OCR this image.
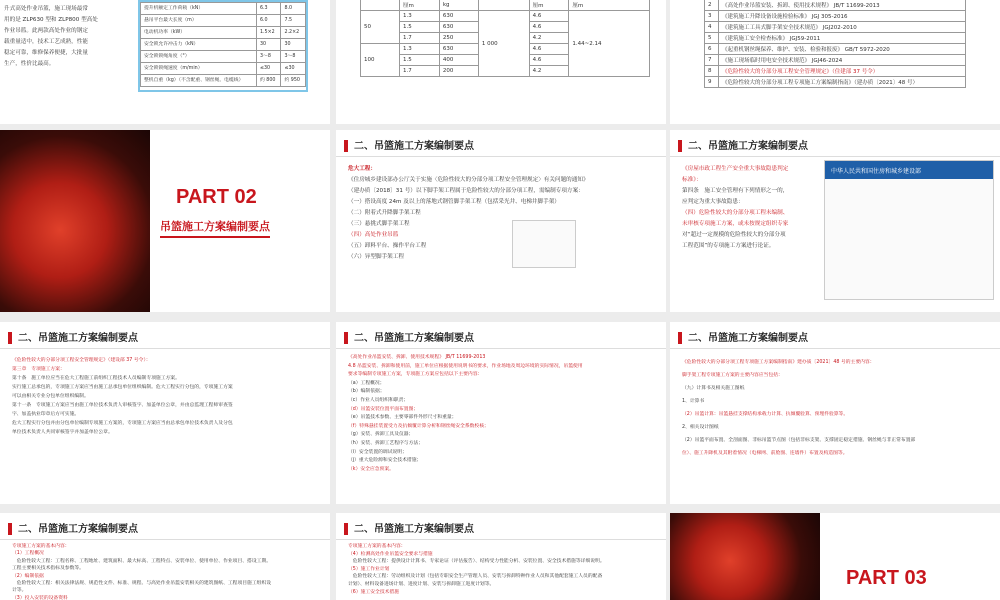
升式高处作业吊篮，施工现场最常
用的是 ZLP630 型和 ZLP800 型高处
作业吊篮。此两款高处作业的钢定
载重量适中，技术工艺成熟，性能
稳定可靠，维修保养便捷，大批量
生产，性价比最高。
提升机额定工作荷载（kN）	6.3	8.0
悬吊平台最大长度（m）	6.0	7.5
电动机功率（kW）	1.5×2	2.2×2
安全锁允许冲击力（kN）	30	30
安全锁锁绳角度（°）	3～8	3～8
安全锁锁绳速度（m/min）	≤30	≤30
整机自重（kg）（不含配重、钢丝绳、电缆线）	约 800	约 950
	厘m	kg		厘m	厘m
50	1.3	630	1 000	4.6	1.44~2.14
	1.5	630		4.6	
	1.7	250		4.2	
100	1.3	630		4.6	
	1.5	400		4.6	
	1.7	200		4.2	
2	《高处作业吊篮安装、拆卸、使用技术规程》 JB/T 11699-2013
3	《建筑施工升降设备设施检验标准》 JGJ 305-2016
4	《建筑施工工具式脚手架安全技术规范》 JGJ202-2010
5	《建筑施工安全检查标准》 JGJ59-2011
6	《起重机钢丝绳保养、维护、安装、检验和报废》 GB/T 5972-2020
7	《施工现场临时用电安全技术规范》 JGJ46-2024
8	《危险性较大的分部分项工程安全管理规定》（住建部 37 号令）
9	《危险性较大的分部分项工程专项施工方案编制指南》（建办质〔2021〕48 号）
PART 02
吊篮施工方案编制要点
二、吊篮施工方案编制要点
危大工程：
《住房城乡建设部办公厅关于实施〈危险性较大的分部分项工程安全管理规定〉有关问题的通知》
（建办质〔2018〕31 号）以下脚手架工程属于危险性较大的分部分项工程，需编制专项方案：
（一）搭设高度 24m 及以上的落地式钢管脚手架工程（包括采光井、电梯井脚手架）
（二）附着式升降脚手架工程
（三）悬挑式脚手架工程
（四）高处作业吊篮
（五）卸料平台、操作平台工程
（六）异型脚手架工程
二、吊篮施工方案编制要点
《房屋市政工程生产安全重大事故隐患判定
标准》：
第四条　施工安全管理有下列情形之一的，
应判定为重大事故隐患：
（四）危险性较大的分部分项工程未编制、
未审核专项施工方案，或未按规定组织专家
对“超过一定规模的危险性较大的分部分项
工程范围”的专项施工方案进行论证。
中华人民共和国住房和城乡建设部
二、吊篮施工方案编制要点
《危险性较大的分部分项工程安全管理规定》（建设部 37 号令）：
第三章　专项施工方案：
第十条　施工单位应当在危大工程施工前组织工程技术人员编制专项施工方案。
实行施工总承包的，专项施工方案应当由施工总承包单位组织编制。危大工程实行分包的，专项施工方案
可以由相关专业分包单位组织编制。
第十一条　专项施工方案应当由施工单位技术负责人审核签字、加盖单位公章，并由总监理工程师审查签
字、加盖执业印章后方可实施。
危大工程实行分包并由分包单位编制专项施工方案的，专项施工方案应当由总承包单位技术负责人及分包
单位技术负责人共同审核签字并加盖单位公章。
二、吊篮施工方案编制要点
《高处作业吊篮安装、拆卸、使用技术规程》 JB/T 11699-2013
4.8 吊篮安装、拆卸和使用前，施工单位应根据使用说明书的要求，作业场地及周边环境的实际情况，吊篮使用
要求等编制专项施工方案，专项施工方案应包括以下主要内容：
（a）工程概况；
（b）编制依据；
（c）作业人员组织和职责；
（d）吊篮安装位置平面布置图；
（e）吊篮技术参数、主要零部件外形尺寸和重量；
（f）特殊悬挂装置受力及抗倾覆计算分析和钢丝绳安全系数校核；
（g）安装、拆卸工具及仪器；
（h）安装、拆卸工艺程序与方法；
（i）安全装置的调试说明；
（j）重大危险源和安全技术措施；
（k）安全应急预案。
二、吊篮施工方案编制要点
《危险性较大的分部分项工程专项施工方案编制指南》建办质〔2021〕48 号的主要内容：
脚手架工程专项施工方案的主要内容应当包括：
（九）计算书及相关施工图纸
1、计算书
（2）吊篮计算：吊篮悬挂支撑结构承载力计算、抗倾覆验算、预埋件验算等。
2、相关设计图纸
（2）吊篮平面布置、全剖面图、非标吊篮节点图（包括非标支架、支撑固定稳定措施、钢丝绳与非正常布置部
位）、施工升降机及其附着情况（电梯网、前脸图、连墙件）布置及构造图等。
二、吊篮施工方案编制要点
专项施工方案的基本内容：
（1）工程概况
　危险性较大工程：工程名称、工程地址、建筑面积、最大标高、工程特点、安装单位、使用单位、作业项目、搭设工期。
工程主要相关技术指标及参数等。
（2）编制依据
　危险性较大工程：相关法律法规、规范性文件、标准、规程、与高处作业吊篮安装相关的建筑图纸、工程项目施工组织设
计等。
（3）投入安装的设备资料
二、吊篮施工方案编制要点
专项施工方案的基本内容：
（4）检测高处作业吊篮安全要求与措施
　危险性较大工程：提供设计计算书、专家论证（评估报告）、结构受力性能分析、安装位置、安全技术措施等详细说明。
（5）施工作业计划
　危险性较大工程：劳动组织及计划（包括专职安全生产管理人员、安装与拆卸特种作业人员和其他配套施工人员的配备
计划）、材料设备进场计划、进度计划、安装与拆卸施工进度计划等。
（6）施工安全技术措施
PART 03
